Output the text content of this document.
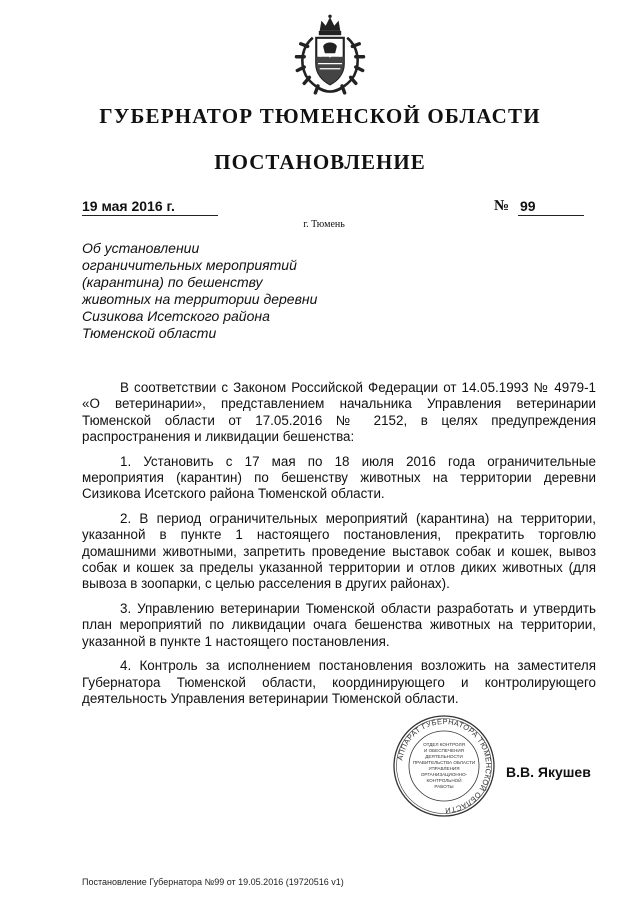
ГУБЕРНАТОР ТЮМЕНСКОЙ ОБЛАСТИ
ПОСТАНОВЛЕНИЕ
19 мая 2016 г.	№ 99
г. Тюмень
Об установлении
ограничительных мероприятий
(карантина) по бешенству
животных на территории деревни
Сизикова Исетского района
Тюменской области

В соответствии с Законом Российской Федерации от 14.05.1993 № 4979-1 «О ветеринарии», представлением начальника Управления ветеринарии Тюменской области от 17.05.2016 № 2152, в целях предупреждения распространения и ликвидации бешенства:

1. Установить с 17 мая по 18 июля 2016 года ограничительные мероприятия (карантин) по бешенству животных на территории деревни Сизикова Исетского района Тюменской области.

2. В период ограничительных мероприятий (карантина) на территории, указанной в пункте 1 настоящего постановления, прекратить торговлю домашними животными, запретить проведение выставок собак и кошек, вывоз собак и кошек за пределы указанной территории и отлов диких животных (для вывоза в зоопарки, с целью расселения в других районах).

3. Управлению ветеринарии Тюменской области разработать и утвердить план мероприятий по ликвидации очага бешенства животных на территории, указанной в пункте 1 настоящего постановления.

4. Контроль за исполнением постановления возложить на заместителя Губернатора Тюменской области, координирующего и контролирующего деятельность Управления ветеринарии Тюменской области.

АППАРАТ ГУБЕРНАТОРА ТЮМЕНСКОЙ ОБЛАСТИ
ОТДЕЛ КОНТРОЛЯ
И ОБЕСПЕЧЕНИЯ
ДЕЯТЕЛЬНОСТИ
ПРАВИТЕЛЬСТВА ОБЛАСТИ
УПРАВЛЕНИЯ
ОРГАНИЗАЦИОННО-
КОНТРОЛЬНОЙ
РАБОТЫ
В.В. Якушев
Постановление Губернатора №99 от 19.05.2016 (19720516 v1)
